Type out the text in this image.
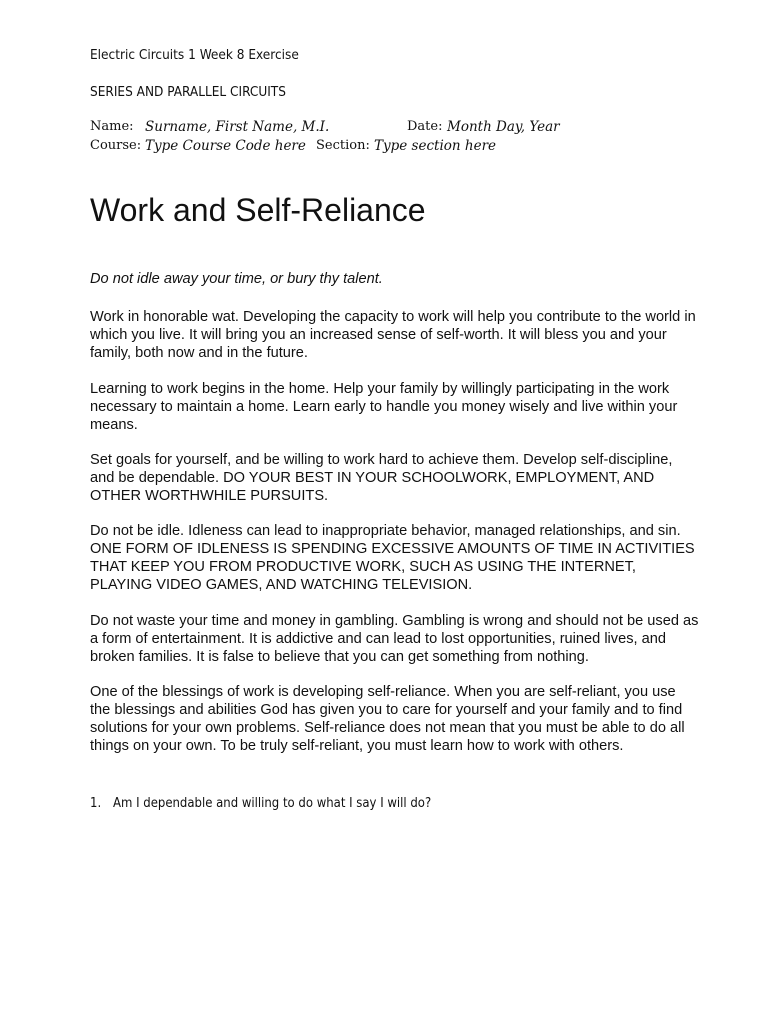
Electric Circuits 1 Week 8 Exercise
SERIES AND PARALLEL CIRCUITS
Name: Surname, First Name, M.I.	Date: Month Day, Year
Course: Type Course Code here Section: Type section here
Work and Self-Reliance

Do not idle away your time, or bury thy talent.

Work in honorable wat. Developing the capacity to work will help you contribute to the world in
which you live. It will bring you an increased sense of self-worth. It will bless you and your
family, both now and in the future.

Learning to work begins in the home. Help your family by willingly participating in the work
necessary to maintain a home. Learn early to handle you money wisely and live within your
means.

Set goals for yourself, and be willing to work hard to achieve them. Develop self-discipline,
and be dependable. DO YOUR BEST IN YOUR SCHOOLWORK, EMPLOYMENT, AND
OTHER WORTHWHILE PURSUITS.

Do not be idle. Idleness can lead to inappropriate behavior, managed relationships, and sin.
ONE FORM OF IDLENESS IS SPENDING EXCESSIVE AMOUNTS OF TIME IN ACTIVITIES
THAT KEEP YOU FROM PRODUCTIVE WORK, SUCH AS USING THE INTERNET,
PLAYING VIDEO GAMES, AND WATCHING TELEVISION.

Do not waste your time and money in gambling. Gambling is wrong and should not be used as
a form of entertainment. It is addictive and can lead to lost opportunities, ruined lives, and
broken families. It is false to believe that you can get something from nothing.

One of the blessings of work is developing self-reliance. When you are self-reliant, you use
the blessings and abilities God has given you to care for yourself and your family and to find
solutions for your own problems. Self-reliance does not mean that you must be able to do all
things on your own. To be truly self-reliant, you must learn how to work with others.

1. Am I dependable and willing to do what I say I will do?
